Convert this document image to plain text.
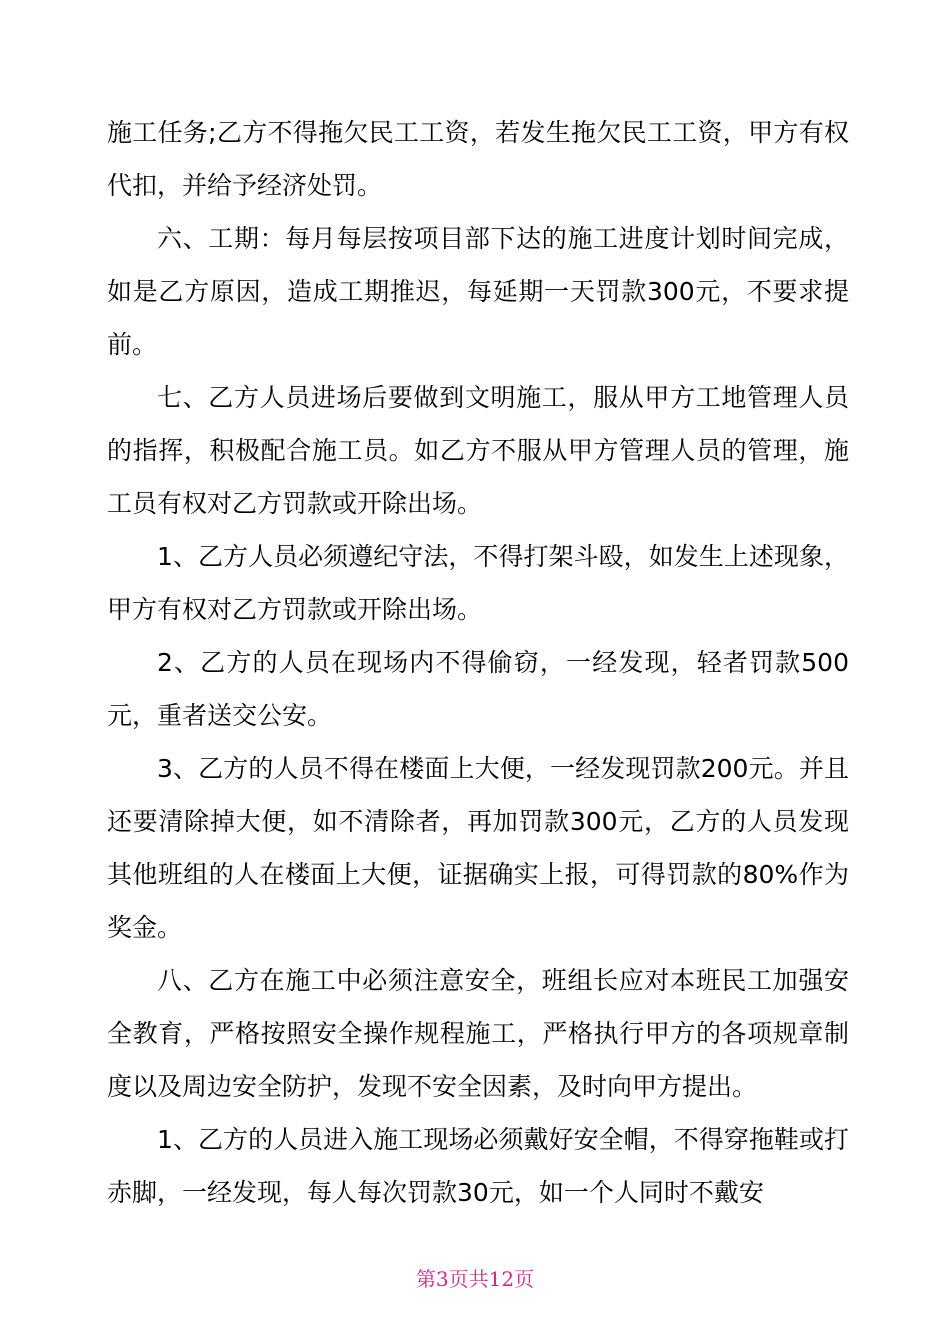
施工任务;乙方不得拖欠民工工资，若发生拖欠民工工资，甲方有权代扣，并给予经济处罚。

六、工期：每月每层按项目部下达的施工进度计划时间完成，如是乙方原因，造成工期推迟，每延期一天罚款300元，不要求提前。

七、乙方人员进场后要做到文明施工，服从甲方工地管理人员的指挥，积极配合施工员。如乙方不服从甲方管理人员的管理，施工员有权对乙方罚款或开除出场。

1、乙方人员必须遵纪守法，不得打架斗殴，如发生上述现象，甲方有权对乙方罚款或开除出场。

2、乙方的人员在现场内不得偷窃，一经发现，轻者罚款500元，重者送交公安。

3、乙方的人员不得在楼面上大便，一经发现罚款200元。并且还要清除掉大便，如不清除者，再加罚款300元，乙方的人员发现其他班组的人在楼面上大便，证据确实上报，可得罚款的80%作为奖金。

八、乙方在施工中必须注意安全，班组长应对本班民工加强安全教育，严格按照安全操作规程施工，严格执行甲方的各项规章制度以及周边安全防护，发现不安全因素，及时向甲方提出。

1、乙方的人员进入施工现场必须戴好安全帽，不得穿拖鞋或打赤脚，一经发现，每人每次罚款30元，如一个人同时不戴安

第3页共12页
